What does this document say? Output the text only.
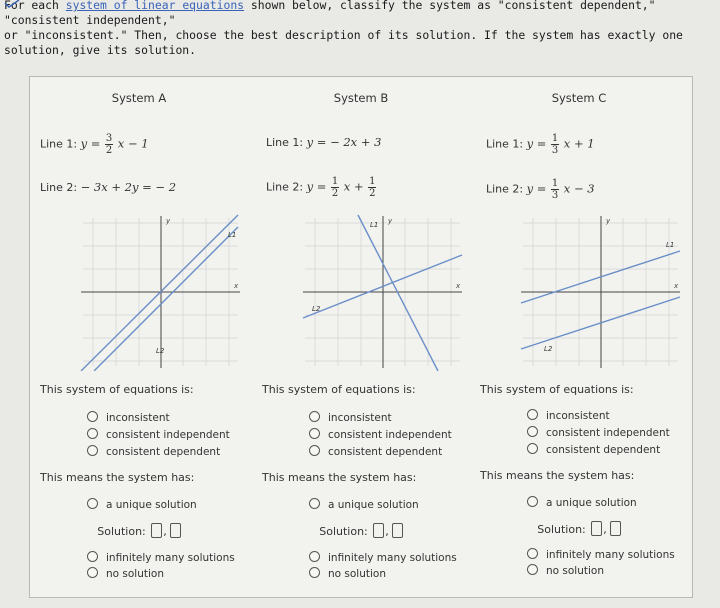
For each system of linear equations shown below, classify the system as "consistent dependent," "consistent independent,"
or "inconsistent." Then, choose the best description of its solution. If the system has exactly one solution, give its solution.
System A
Line 1: $y = \frac{3}{2}$ x − 1
Line 2: − 3x + 2y = − 2
y
x
L1
L2
This system of equations is:
inconsistent
consistent independent
consistent dependent
This means the system has:
a unique solution
Solution: ,
infinitely many solutions
no solution
System B
Line 1: y = − 2x + 3
Line 2: $y = \frac{1}{2}$ $x + \frac{1}{2}$
y
x
L1
L2
This system of equations is:
inconsistent
consistent independent
consistent dependent
This means the system has:
a unique solution
Solution: ,
infinitely many solutions
no solution
System C
Line 1: $y = \frac{1}{3}$ x + 1
Line 2: $y = \frac{1}{3}$ x − 3
y
x
L1
L2
This system of equations is:
inconsistent
consistent independent
consistent dependent
This means the system has:
a unique solution
Solution: ,
infinitely many solutions
no solution
